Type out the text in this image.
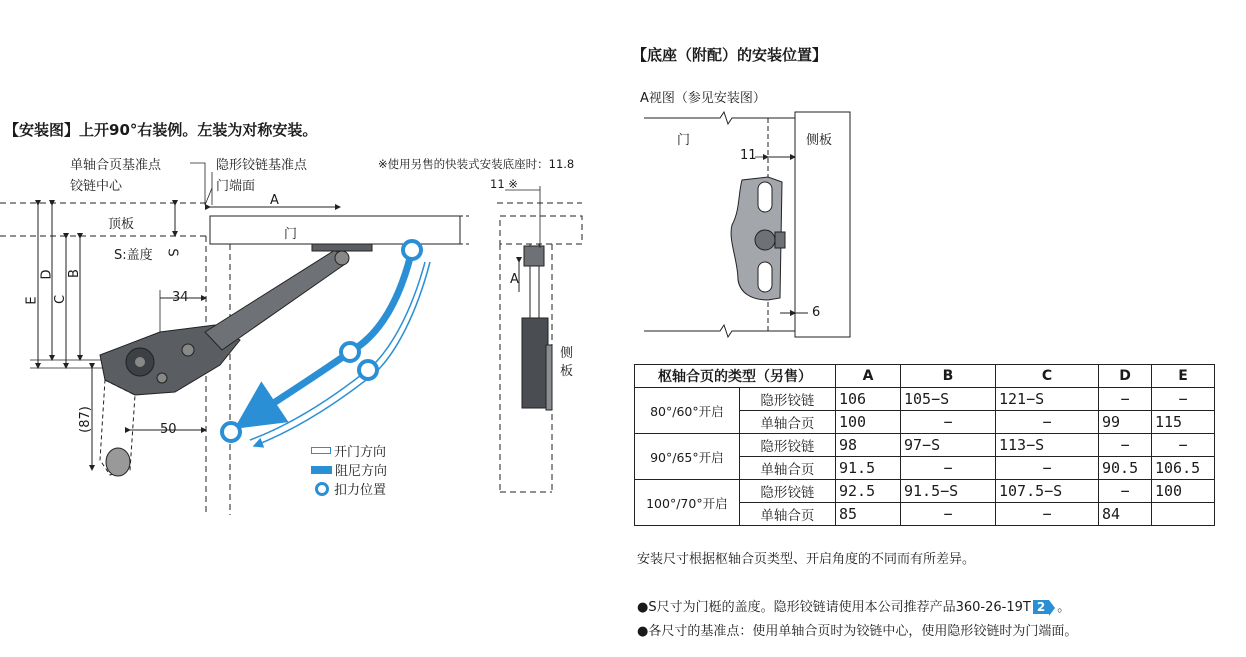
【安装图】上开90°右装例。左装为对称安装。
单轴合页基准点
铰链中心
隐形铰链基准点
门端面
※使用另售的快装式安装底座时：11.8
顶板
门
S:盖度 S
A
E
D
C
B
34
50
(87)
11 ※
A
侧 板
开门方向
阻尼方向
扣力位置
【底座（附配）的安装位置】
A视图（参见安装图）
门	侧板
11
6
枢轴合页的类型（另售）		A	B	C	D	E
80°/60°开启	隐形铰链	106	105−S	121−S	−	−
	单轴合页	100	−	−	99	115
90°/65°开启	隐形铰链	98	97−S	113−S	−	−
	单轴合页	91.5	−	−	90.5	106.5
100°/70°开启	隐形铰链	92.5	91.5−S	107.5−S	−	100
	单轴合页	85	−	−	84	
安装尺寸根据枢轴合页类型、开启角度的不同而有所差异。
●S尺寸为门梃的盖度。隐形铰链请使用本公司推荐产品360-26-19T 2 。
●各尺寸的基准点：使用单轴合页时为铰链中心，使用隐形铰链时为门端面。
